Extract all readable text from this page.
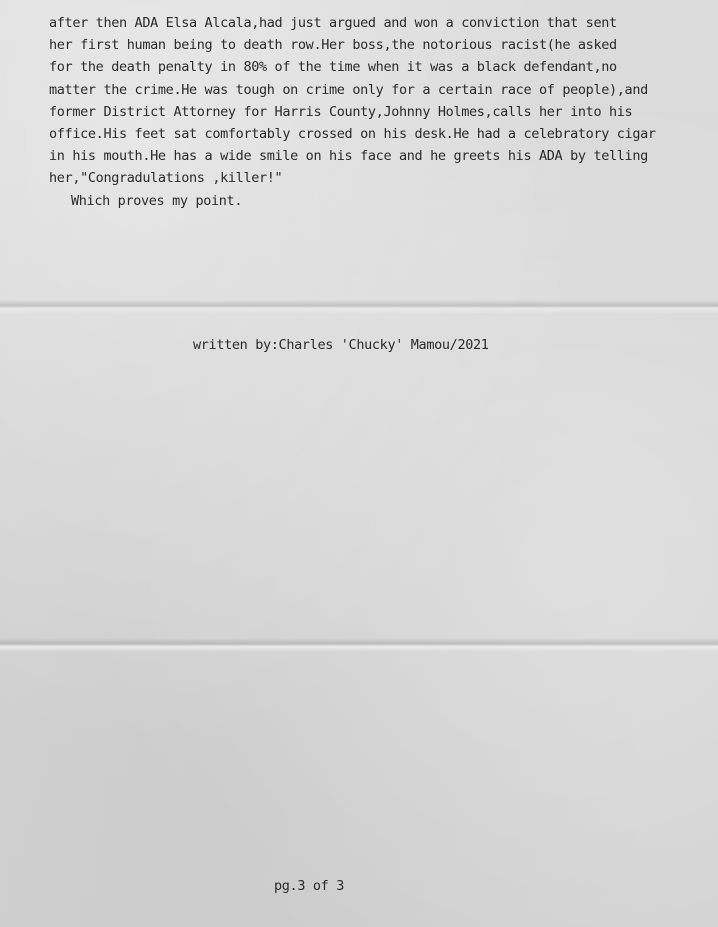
after then ADA Elsa Alcala,had just argued and won a conviction that sent
her first human being to death row.Her boss,the notorious racist(he asked
for the death penalty in 80% of the time when it was a black defendant,no
matter the crime.He was tough on crime only for a certain race of people),and
former District Attorney for Harris County,Johnny Holmes,calls her into his
office.His feet sat comfortably crossed on his desk.He had a celebratory cigar
in his mouth.He has a wide smile on his face and he greets his ADA by telling
her,"Congradulations ,killer!"
Which proves my point.

written by:Charles 'Chucky' Mamou/2021

pg.3 of 3
